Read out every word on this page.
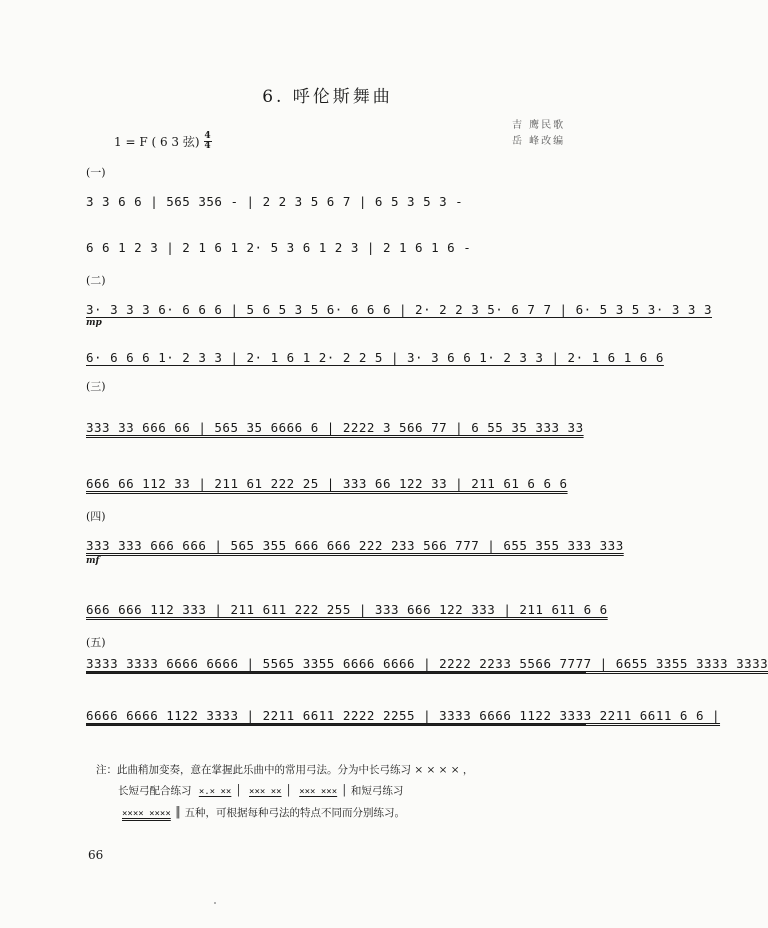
6. 呼伦斯舞曲
吉 鹰民歌
岳 峰改编
1 = F ( 6 3 弦) 4
4
(一)
3 3 6 6 | 565 356 - | 2 2 3 5 6 7 | 6 5 3 5 3 -
6 6 1 2 3 | 2 1 6 1 2· 5 3 6 1 2 3 | 2 1 6 1 6 -
(二)
3· 3 3 3 6· 6 6 6 | 5 6 5 3 5 6· 6 6 6 | 2· 2 2 3 5· 6 7 7 | 6· 5 3 5 3· 3 3 3
mp
6· 6 6 6 1· 2 3 3 | 2· 1 6 1 2· 2 2 5 | 3· 3 6 6 1· 2 3 3 | 2· 1 6 1 6 6
(三)
333 33 666 66 | 565 35 6666 6 | 2222 3 566 77 | 6 55 35 333 33
666 66 112 33 | 211 61 222 25 | 333 66 122 33 | 211 61 6 6 6
(四)
333 333 666 666 | 565 355 666 666 222 233 566 777 | 655 355 333 333
mf
666 666 112 333 | 211 611 222 255 | 333 666 122 333 | 211 611 6 6
(五)
3333 3333 6666 6666 | 5565 3355 6666 6666 | 2222 2233 5566 7777 | 6655 3355 3333 3333
6666 6666 1122 3333 | 2211 6611 2222 2255 | 3333 6666 1122 3333 2211 6611 6 6 |
注：此曲稍加变奏，意在掌握此乐曲中的常用弓法。分为中长弓练习 × × × × ，
长短弓配合练习 ×.× ×× │ ××× ×× │ ××× ××× │ 和短弓练习
×××× ×××× ║ 五种，可根据每种弓法的特点不同而分别练习。
66
